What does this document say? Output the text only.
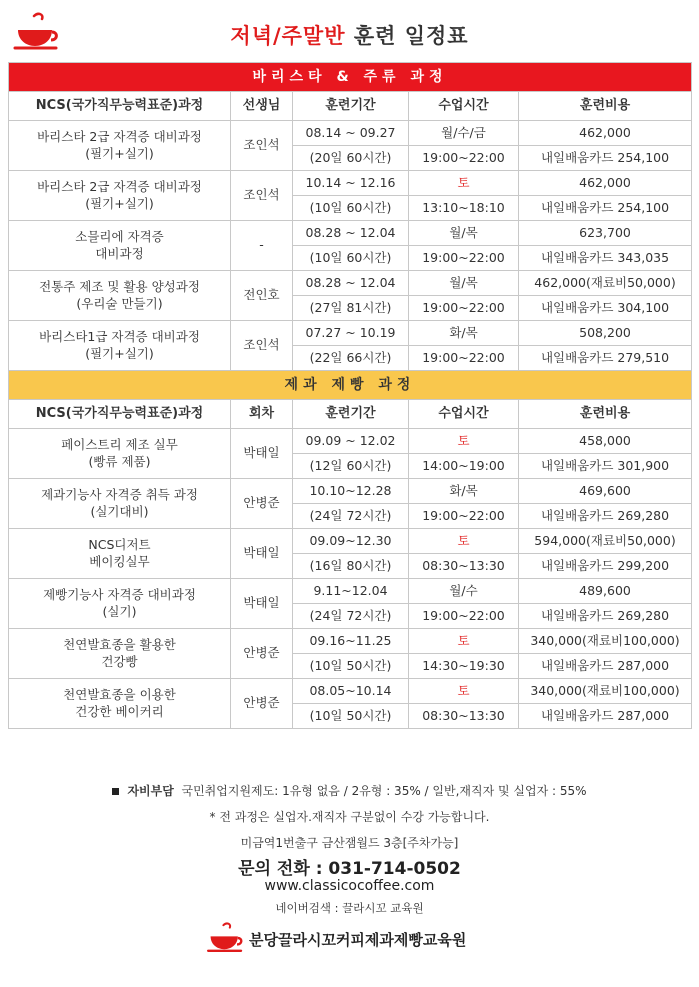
저녁/주말반 훈련 일정표
바리스타 & 주류 과정				
NCS(국가직무능력표준)과정	선생님	훈련기간	수업시간	훈련비용

바리스타 2급 자격증 대비과정
(필기+실기)	조인석	08.14 ~ 09.27	월/수/금	462,000
		(20일 60시간)	19:00~22:00	내일배움카드 254,100

바리스타 2급 자격증 대비과정
(필기+실기)	조인석	10.14 ~ 12.16	토	462,000
		(10일 60시간)	13:10~18:10	내일배움카드 254,100

소믈리에 자격증
대비과정	-	08.28 ~ 12.04	월/목	623,700
		(10일 60시간)	19:00~22:00	내일배움카드 343,035

전통주 제조 및 활용 양성과정
(우리술 만들기)	전인호	08.28 ~ 12.04	월/목	462,000(재료비50,000)
		(27일 81시간)	19:00~22:00	내일배움카드 304,100

바리스타1급 자격증 대비과정
(필기+실기)	조인석	07.27 ~ 10.19	화/목	508,200
		(22일 66시간)	19:00~22:00	내일배움카드 279,510
제과 제빵 과정				
NCS(국가직무능력표준)과정	회차	훈련기간	수업시간	훈련비용

페이스트리 제조 실무
(빵류 제품)	박태일	09.09 ~ 12.02	토	458,000
		(12일 60시간)	14:00~19:00	내일배움카드 301,900

제과기능사 자격증 취득 과정
(실기대비)	안병준	10.10~12.28	화/목	469,600
		(24일 72시간)	19:00~22:00	내일배움카드 269,280

NCS디저트
베이킹실무	박태일	09.09~12.30	토	594,000(재료비50,000)
		(16일 80시간)	08:30~13:30	내일배움카드 299,200

제빵기능사 자격증 대비과정
(실기)	박태일	9.11~12.04	월/수	489,600
		(24일 72시간)	19:00~22:00	내일배움카드 269,280

천연발효종을 활용한
건강빵	안병준	09.16~11.25	토	340,000(재료비100,000)
		(10일 50시간)	14:30~19:30	내일배움카드 287,000

천연발효종을 이용한
건강한 베이커리	안병준	08.05~10.14	토	340,000(재료비100,000)
		(10일 50시간)	08:30~13:30	내일배움카드 287,000
자비부담 국민취업지원제도: 1유형 없음 / 2유형 : 35% / 일반,재직자 및 실업자 : 55%
* 전 과정은 실업자.재직자 구분없이 수강 가능합니다.
미금역1번출구 금산잼월드 3층[주차가능]
문의 전화 : 031-714-0502
www.classicocoffee.com
네이버검색 : 끌라시꼬 교육원
분당끌라시꼬커피제과제빵교육원
